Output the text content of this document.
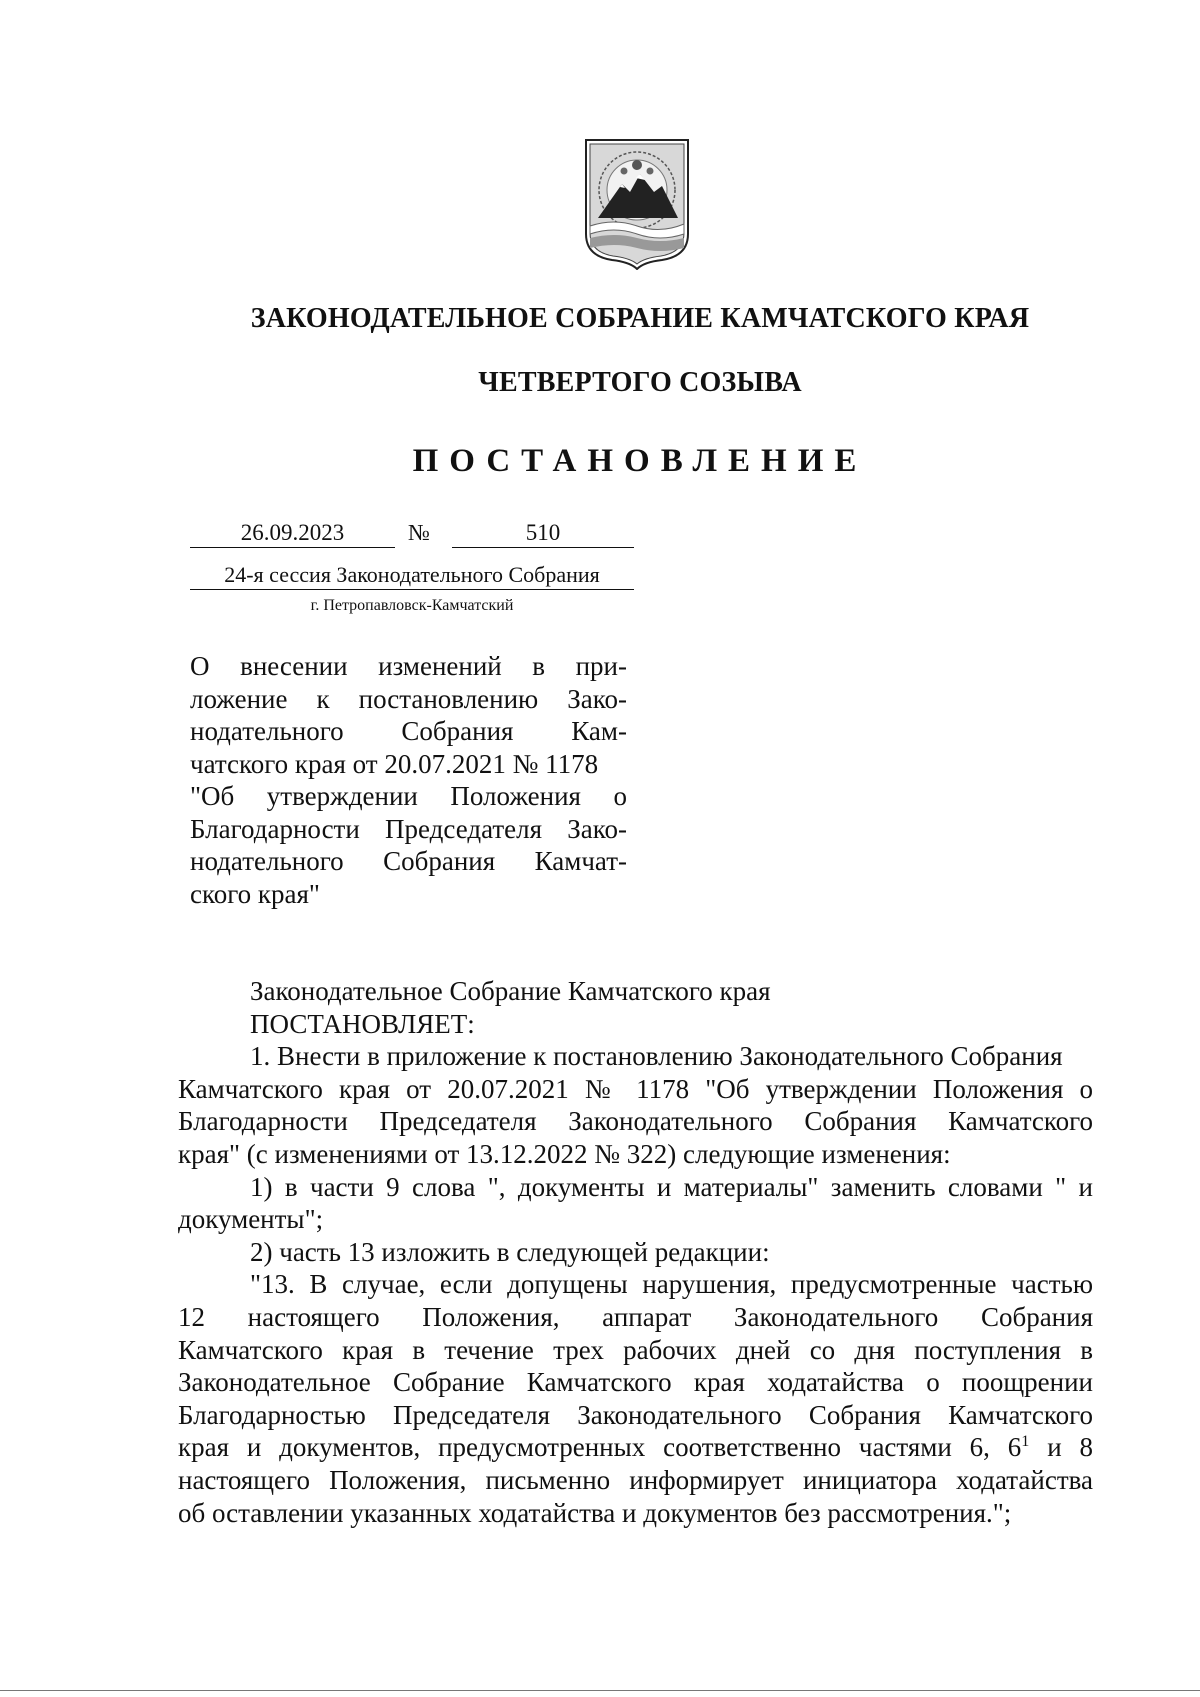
ЗАКОНОДАТЕЛЬНОЕ СОБРАНИЕ КАМЧАТСКОГО КРАЯ
ЧЕТВЕРТОГО СОЗЫВА
ПОСТАНОВЛЕНИЕ
26.09.2023	№	510
24-я сессия Законодательного Собрания
г. Петропавловск-Камчатский
О внесении изменений в при-
ложение к постановлению Зако-
нодательного Собрания Кам-
чатского края от 20.07.2021 № 1178
"Об утверждении Положения о
Благодарности Председателя Зако-
нодательного Собрания Камчат-
ского края"
Законодательное Собрание Камчатского края
ПОСТАНОВЛЯЕТ:
1. Внести в приложение к постановлению Законодательного Собрания
Камчатского края от 20.07.2021 № 1178 "Об утверждении Положения о
Благодарности Председателя Законодательного Собрания Камчатского
края" (с изменениями от 13.12.2022 № 322) следующие изменения:
1) в части 9 слова ", документы и материалы" заменить словами " и
документы";
2) часть 13 изложить в следующей редакции:
"13. В случае, если допущены нарушения, предусмотренные частью
12 настоящего Положения, аппарат Законодательного Собрания
Камчатского края в течение трех рабочих дней со дня поступления в
Законодательное Собрание Камчатского края ходатайства о поощрении
Благодарностью Председателя Законодательного Собрания Камчатского
края и документов, предусмотренных соответственно частями 6, $6^1$ и 8
настоящего Положения, письменно информирует инициатора ходатайства
об оставлении указанных ходатайства и документов без рассмотрения.";
